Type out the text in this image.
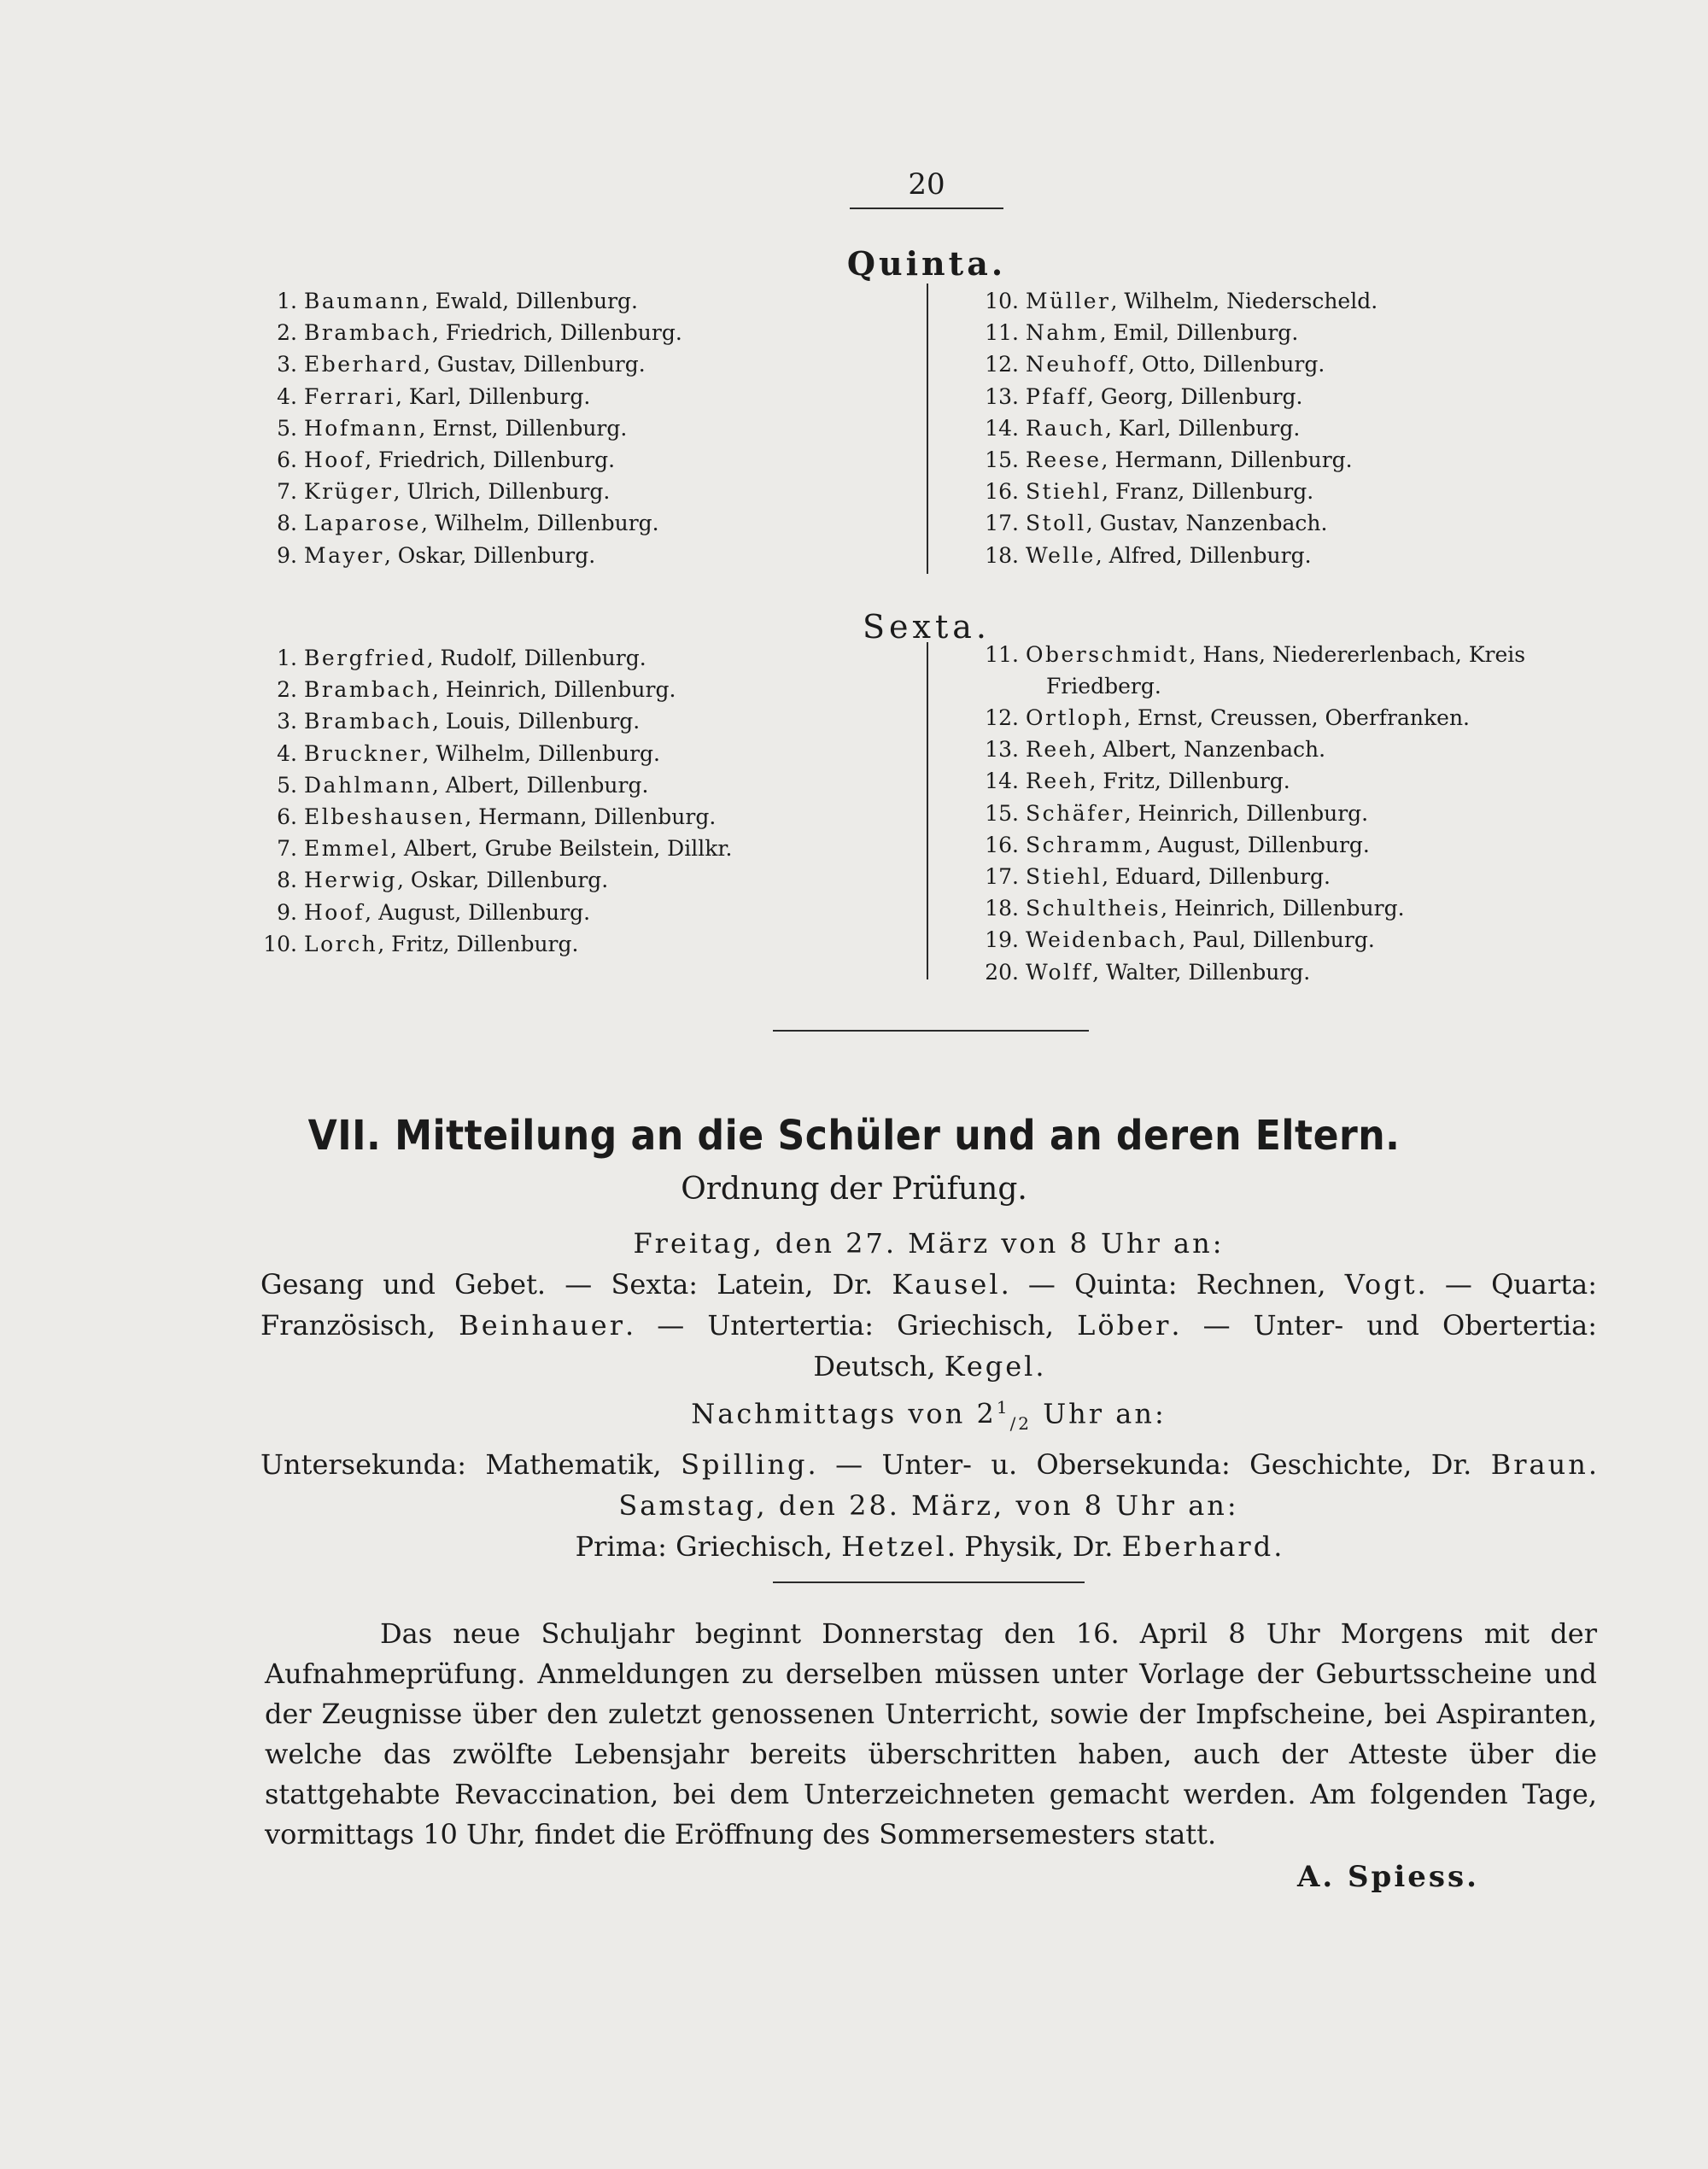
20
Quinta.
1. Baumann, Ewald, Dillenburg.
2. Brambach, Friedrich, Dillenburg.
3. Eberhard, Gustav, Dillenburg.
4. Ferrari, Karl, Dillenburg.
5. Hofmann, Ernst, Dillenburg.
6. Hoof, Friedrich, Dillenburg.
7. Krüger, Ulrich, Dillenburg.
8. Laparose, Wilhelm, Dillenburg.
9. Mayer, Oskar, Dillenburg.
10. Müller, Wilhelm, Niederscheld.
11. Nahm, Emil, Dillenburg.
12. Neuhoff, Otto, Dillenburg.
13. Pfaff, Georg, Dillenburg.
14. Rauch, Karl, Dillenburg.
15. Reese, Hermann, Dillenburg.
16. Stiehl, Franz, Dillenburg.
17. Stoll, Gustav, Nanzenbach.
18. Welle, Alfred, Dillenburg.
Sexta.
1. Bergfried, Rudolf, Dillenburg.
2. Brambach, Heinrich, Dillenburg.
3. Brambach, Louis, Dillenburg.
4. Bruckner, Wilhelm, Dillenburg.
5. Dahlmann, Albert, Dillenburg.
6. Elbeshausen, Hermann, Dillenburg.
7. Emmel, Albert, Grube Beilstein, Dillkr.
8. Herwig, Oskar, Dillenburg.
9. Hoof, August, Dillenburg.
10. Lorch, Fritz, Dillenburg.
11. Oberschmidt, Hans, Niedererlenbach, Kreis
Friedberg.
12. Ortloph, Ernst, Creussen, Oberfranken.
13. Reeh, Albert, Nanzenbach.
14. Reeh, Fritz, Dillenburg.
15. Schäfer, Heinrich, Dillenburg.
16. Schramm, August, Dillenburg.
17. Stiehl, Eduard, Dillenburg.
18. Schultheis, Heinrich, Dillenburg.
19. Weidenbach, Paul, Dillenburg.
20. Wolff, Walter, Dillenburg.
VII. Mitteilung an die Schüler und an deren Eltern.
Ordnung der Prüfung.
Freitag, den 27. März von 8 Uhr an:
Gesang und Gebet. — Sexta: Latein, Dr. Kausel. — Quinta: Rechnen, Vogt. — Quarta:
Französisch, Beinhauer. — Untertertia: Griechisch, Löber. — Unter- und Obertertia:
Deutsch, Kegel.
Nachmittags von $2^1_{/2}$ Uhr an:
Untersekunda: Mathematik, Spilling. — Unter- u. Obersekunda: Geschichte, Dr. Braun.
Samstag, den 28. März, von 8 Uhr an:
Prima: Griechisch, Hetzel. Physik, Dr. Eberhard.

Das neue Schuljahr beginnt Donnerstag den 16. April 8 Uhr Morgens mit der Aufnahmeprüfung. Anmeldungen zu derselben müssen unter Vorlage der Geburtsscheine und der Zeugnisse über den zuletzt genossenen Unterricht, sowie der Impfscheine, bei Aspiranten, welche das zwölfte Lebensjahr bereits überschritten haben, auch der Atteste über die stattgehabte Revaccination, bei dem Unterzeichneten gemacht werden. Am folgenden Tage, vormittags 10 Uhr, findet die Eröffnung des Sommersemesters statt.

A. Spiess.
